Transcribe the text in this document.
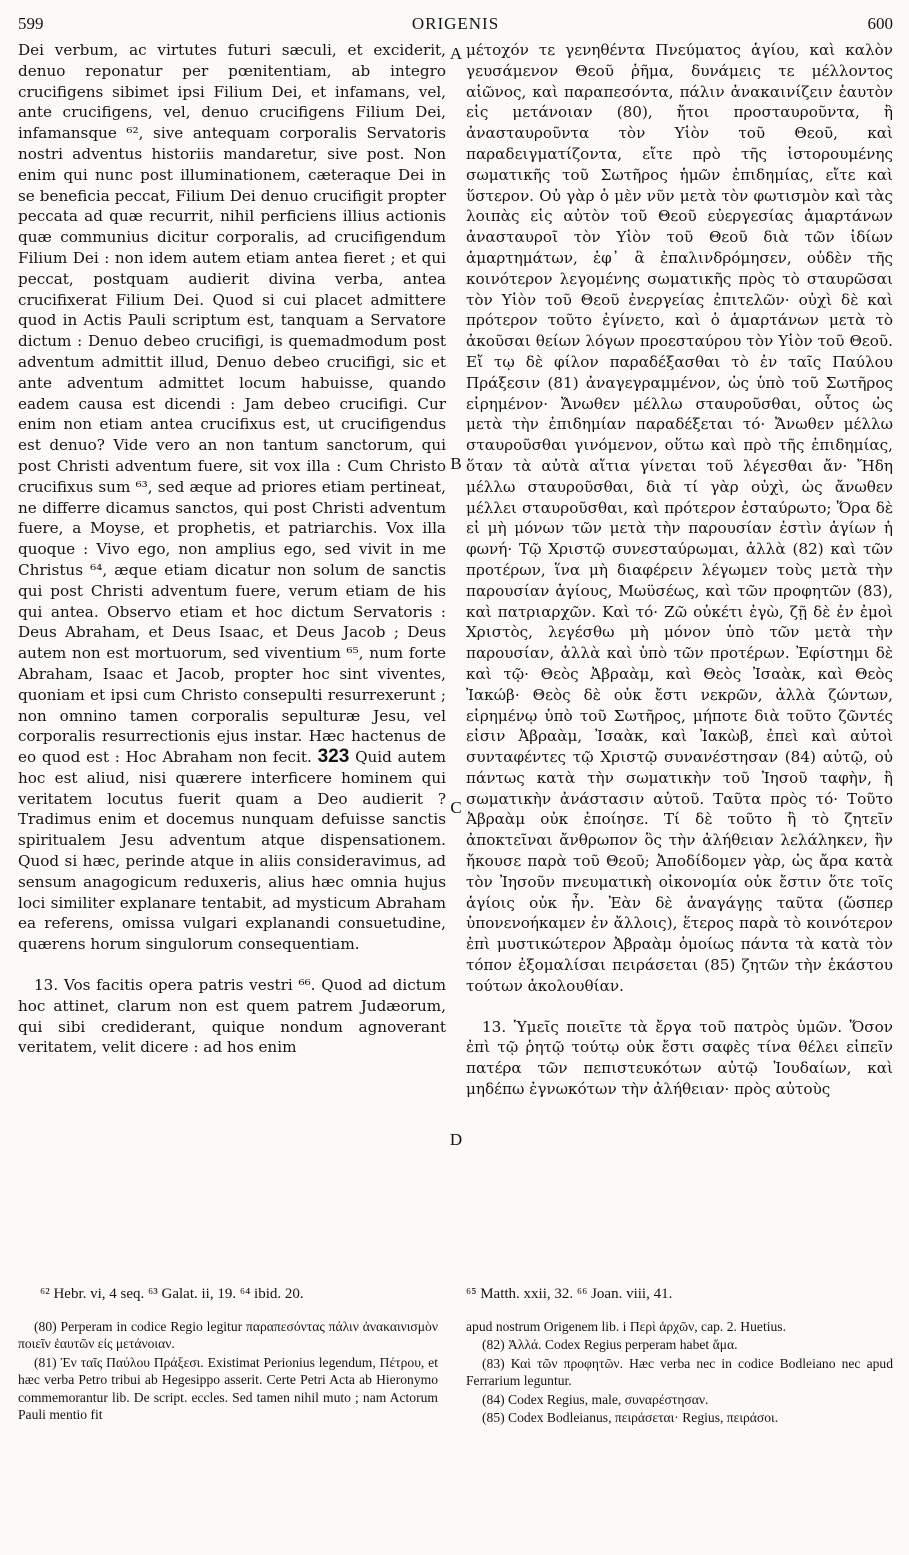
599	ORIGENIS	600

Dei verbum, ac virtutes futuri sæculi, et exciderit, denuo reponatur per pœnitentiam, ab integro crucifigens sibimet ipsi Filium Dei, et infamans, vel, ante crucifigens, vel, denuo crucifigens Filium Dei, infamansque ⁶², sive antequam corporalis Servatoris nostri adventus historiis mandaretur, sive post. Non enim qui nunc post illuminationem, cæteraque Dei in se beneficia peccat, Filium Dei denuo crucifigit propter peccata ad quæ recurrit, nihil perficiens illius actionis quæ communius dicitur corporalis, ad crucifigendum Filium Dei : non idem autem etiam antea fieret ; et qui peccat, postquam audierit divina verba, antea crucifixerat Filium Dei. Quod si cui placet admittere quod in Actis Pauli scriptum est, tanquam a Servatore dictum : Denuo debeo crucifigi, is quemadmodum post adventum admittit illud, Denuo debeo crucifigi, sic et ante adventum admittet locum habuisse, quando eadem causa est dicendi : Jam debeo crucifigi. Cur enim non etiam antea crucifixus est, ut crucifigendus est denuo? Vide vero an non tantum sanctorum, qui post Christi adventum fuere, sit vox illa : Cum Christo crucifixus sum ⁶³, sed æque ad priores etiam pertineat, ne differre dicamus sanctos, qui post Christi adventum fuere, a Moyse, et prophetis, et patriarchis. Vox illa quoque : Vivo ego, non amplius ego, sed vivit in me Christus ⁶⁴, æque etiam dicatur non solum de sanctis qui post Christi adventum fuere, verum etiam de his qui antea. Observo etiam et hoc dictum Servatoris : Deus Abraham, et Deus Isaac, et Deus Jacob ; Deus autem non est mortuorum, sed viventium ⁶⁵, num forte Abraham, Isaac et Jacob, propter hoc sint viventes, quoniam et ipsi cum Christo consepulti resurrexerunt ; non omnino tamen corporalis sepulturæ Jesu, vel corporalis resurrectionis ejus instar. Hæc hactenus de eo quod est : Hoc Abraham non fecit. 323 Quid autem hoc est aliud, nisi quærere interficere hominem qui veritatem locutus fuerit quam a Deo audierit ? Tradimus enim et docemus nunquam defuisse sanctis spiritualem Jesu adventum atque dispensationem. Quod si hæc, perinde atque in aliis consideravimus, ad sensum anagogicum reduxeris, alius hæc omnia hujus loci similiter explanare tentabit, ad mysticum Abraham ea referens, omissa vulgari explanandi consuetudine, quærens horum singulorum consequentiam.

13. Vos facitis opera patris vestri ⁶⁶. Quod ad dictum hoc attinet, clarum non est quem patrem Judæorum, qui sibi crediderant, quique nondum agnoverant veritatem, velit dicere : ad hos enim

A
B
C
D

μέτοχόν τε γενηθέντα Πνεύματος ἁγίου, καὶ καλὸν γευσάμενον Θεοῦ ῥῆμα, δυνάμεις τε μέλλοντος αἰῶνος, καὶ παραπεσόντα, πάλιν ἀνακαινίζειν ἑαυτὸν εἰς μετάνοιαν (80), ἤτοι προσταυροῦντα, ἢ ἀνασταυροῦντα τὸν Υἱὸν τοῦ Θεοῦ, καὶ παραδειγματίζοντα, εἴτε πρὸ τῆς ἱστορουμένης σωματικῆς τοῦ Σωτῆρος ἡμῶν ἐπιδημίας, εἴτε καὶ ὕστερον. Οὐ γὰρ ὁ μὲν νῦν μετὰ τὸν φωτισμὸν καὶ τὰς λοιπὰς εἰς αὐτὸν τοῦ Θεοῦ εὐεργεσίας ἁμαρτάνων ἀνασταυροῖ τὸν Υἱὸν τοῦ Θεοῦ διὰ τῶν ἰδίων ἁμαρτημάτων, ἐφ᾽ ἃ ἐπαλινδρόμησεν, οὐδὲν τῆς κοινότερον λεγομένης σωματικῆς πρὸς τὸ σταυρῶσαι τὸν Υἱὸν τοῦ Θεοῦ ἐνεργείας ἐπιτελῶν· οὐχὶ δὲ καὶ πρότερον τοῦτο ἐγίνετο, καὶ ὁ ἁμαρτάνων μετὰ τὸ ἀκοῦσαι θείων λόγων προεσταύρου τὸν Υἱὸν τοῦ Θεοῦ. Εἴ τῳ δὲ φίλον παραδέξασθαι τὸ ἐν ταῖς Παύλου Πράξεσιν (81) ἀναγεγραμμένον, ὡς ὑπὸ τοῦ Σωτῆρος εἰρημένον· Ἄνωθεν μέλλω σταυροῦσθαι, οὗτος ὡς μετὰ τὴν ἐπιδημίαν παραδέξεται τό· Ἄνωθεν μέλλω σταυροῦσθαι γινόμενον, οὕτω καὶ πρὸ τῆς ἐπιδημίας, ὅταν τὰ αὐτὰ αἴτια γίνεται τοῦ λέγεσθαι ἄν· Ἤδη μέλλω σταυροῦσθαι, διὰ τί γὰρ οὐχὶ, ὡς ἄνωθεν μέλλει σταυροῦσθαι, καὶ πρότερον ἐσταύρωτο; Ὅρα δὲ εἰ μὴ μόνων τῶν μετὰ τὴν παρουσίαν ἐστὶν ἁγίων ἡ φωνή· Τῷ Χριστῷ συνεσταύρωμαι, ἀλλὰ (82) καὶ τῶν προτέρων, ἵνα μὴ διαφέρειν λέγωμεν τοὺς μετὰ τὴν παρουσίαν ἁγίους, Μωϋσέως, καὶ τῶν προφητῶν (83), καὶ πατριαρχῶν. Καὶ τό· Ζῶ οὐκέτι ἐγὼ, ζῇ δὲ ἐν ἐμοὶ Χριστὸς, λεγέσθω μὴ μόνον ὑπὸ τῶν μετὰ τὴν παρουσίαν, ἀλλὰ καὶ ὑπὸ τῶν προτέρων. Ἐφίστημι δὲ καὶ τῷ· Θεὸς Ἀβραὰμ, καὶ Θεὸς Ἰσαὰκ, καὶ Θεὸς Ἰακώβ· Θεὸς δὲ οὐκ ἔστι νεκρῶν, ἀλλὰ ζώντων, εἰρημένῳ ὑπὸ τοῦ Σωτῆρος, μήποτε διὰ τοῦτο ζῶντές εἰσιν Ἀβραὰμ, Ἰσαὰκ, καὶ Ἰακὼβ, ἐπεὶ καὶ αὐτοὶ συνταφέντες τῷ Χριστῷ συνανέστησαν (84) αὐτῷ, οὐ πάντως κατὰ τὴν σωματικὴν τοῦ Ἰησοῦ ταφὴν, ἢ σωματικὴν ἀνάστασιν αὐτοῦ. Ταῦτα πρὸς τό· Τοῦτο Ἀβραὰμ οὐκ ἐποίησε. Τί δὲ τοῦτο ἢ τὸ ζητεῖν ἀποκτεῖναι ἄνθρωπον ὃς τὴν ἀλήθειαν λελάληκεν, ἣν ἤκουσε παρὰ τοῦ Θεοῦ; Ἀποδίδομεν γὰρ, ὡς ἄρα κατὰ τὸν Ἰησοῦν πνευματικὴ οἰκονομία οὐκ ἔστιν ὅτε τοῖς ἁγίοις οὐκ ἦν. Ἐὰν δὲ ἀναγάγῃς ταῦτα (ὥσπερ ὑπονενοήκαμεν ἐν ἄλλοις), ἕτερος παρὰ τὸ κοινότερον ἐπὶ μυστικώτερον Ἀβραὰμ ὁμοίως πάντα τὰ κατὰ τὸν τόπον ἐξομαλίσαι πειράσεται (85) ζητῶν τὴν ἑκάστου τούτων ἀκολουθίαν.

13. Ὑμεῖς ποιεῖτε τὰ ἔργα τοῦ πατρὸς ὑμῶν. Ὅσον ἐπὶ τῷ ῥητῷ τούτῳ οὐκ ἔστι σαφὲς τίνα θέλει εἰπεῖν πατέρα τῶν πεπιστευκότων αὐτῷ Ἰουδαίων, καὶ μηδέπω ἐγνωκότων τὴν ἀλήθειαν· πρὸς αὐτοὺς

⁶² Hebr. vi, 4 seq. ⁶³ Galat. ii, 19. ⁶⁴ ibid. 20.	⁶⁵ Matth. xxii, 32. ⁶⁶ Joan. viii, 41.

(80) Perperam in codice Regio legitur παραπεσόντας πάλιν ἀνακαινισμὸν ποιεῖν ἑαυτῶν εἰς μετάνοιαν.

(81) Ἐν ταῖς Παύλου Πράξεσι. Existimat Perionius legendum, Πέτρου, et hæc verba Petro tribui ab Hegesippo asserit. Certe Petri Acta ab Hieronymo commemorantur lib. De script. eccles. Sed tamen nihil muto ; nam Actorum Pauli mentio fit

apud nostrum Origenem lib. i Περὶ ἀρχῶν, cap. 2. Huetius.

(82) Ἀλλά. Codex Regius perperam habet ἅμα.

(83) Καὶ τῶν προφητῶν. Hæc verba nec in codice Bodleiano nec apud Ferrarium leguntur.

(84) Codex Regius, male, συναρέστησαν.

(85) Codex Bodleianus, πειράσεται· Regius, πειράσοι.
